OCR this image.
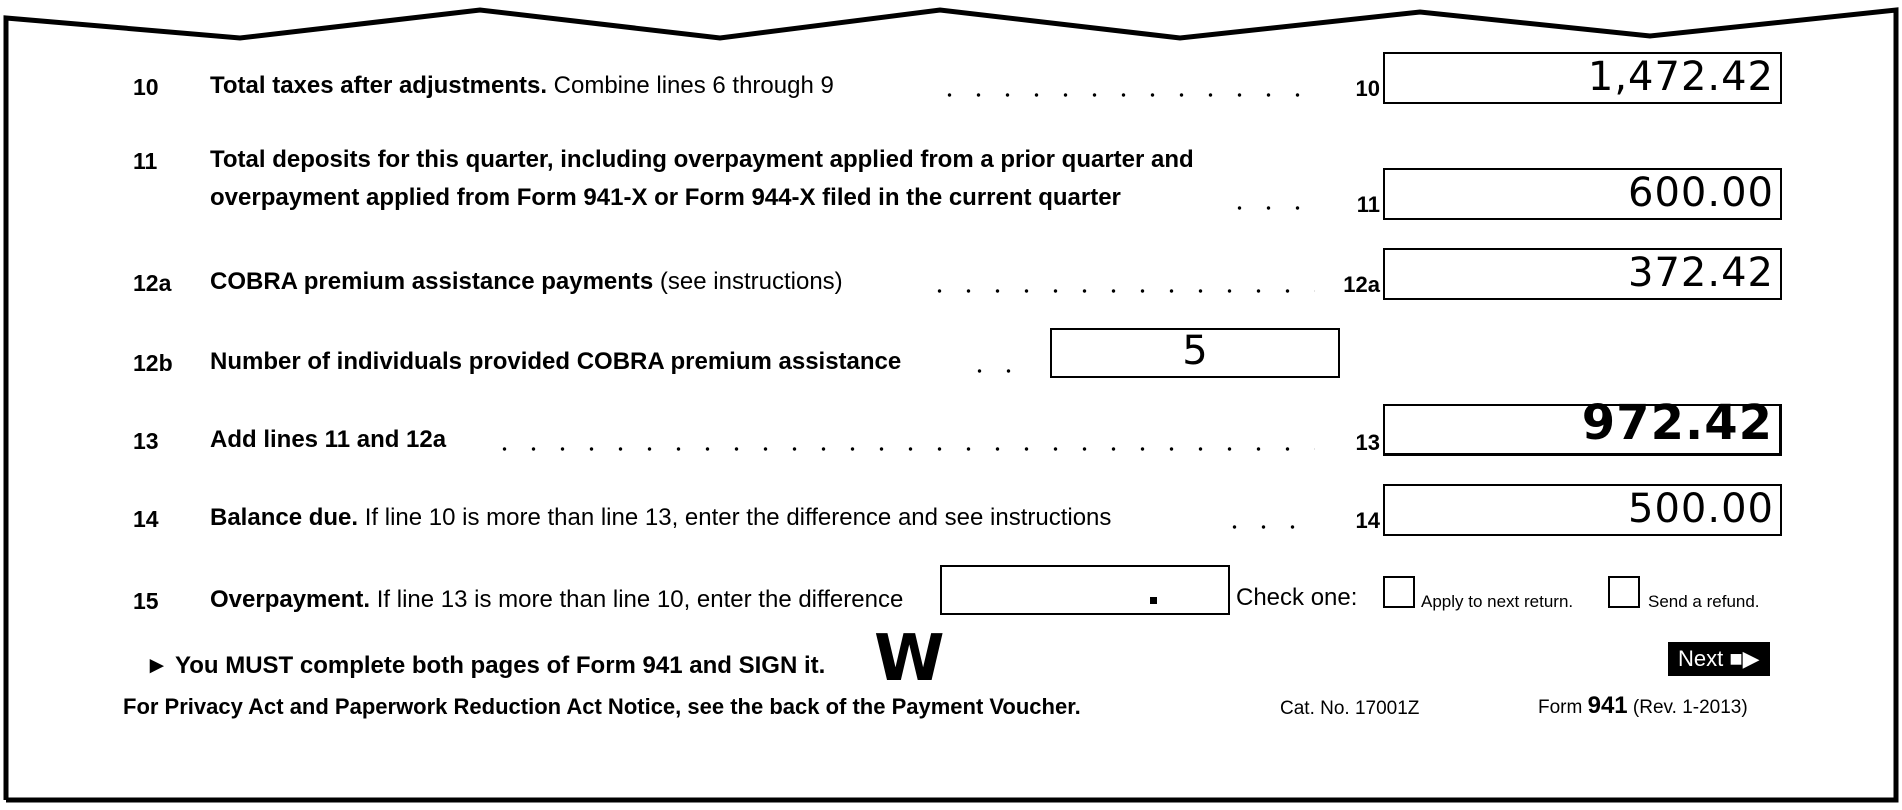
10 Total taxes after adjustments. Combine lines 6 through 9	10	1,472.42
11 Total deposits for this quarter, including overpayment applied from a prior quarter and
overpayment applied from Form 941-X or Form 944-X filed in the current quarter	11	600.00
12a COBRA premium assistance payments (see instructions)	12a	372.42
12b Number of individuals provided COBRA premium assistance	5
13 Add lines 11 and 12a	13	972.42
14 Balance due. If line 10 is more than line 13, enter the difference and see instructions	14	500.00
15 Overpayment. If line 13 is more than line 10, enter the difference	Check one:	Apply to next return.	Send a refund.
► You MUST complete both pages of Form 941 and SIGN it. W	Next ■▶
For Privacy Act and Paperwork Reduction Act Notice, see the back of the Payment Voucher.	Cat. No. 17001Z	Form 941 (Rev. 1-2013)
